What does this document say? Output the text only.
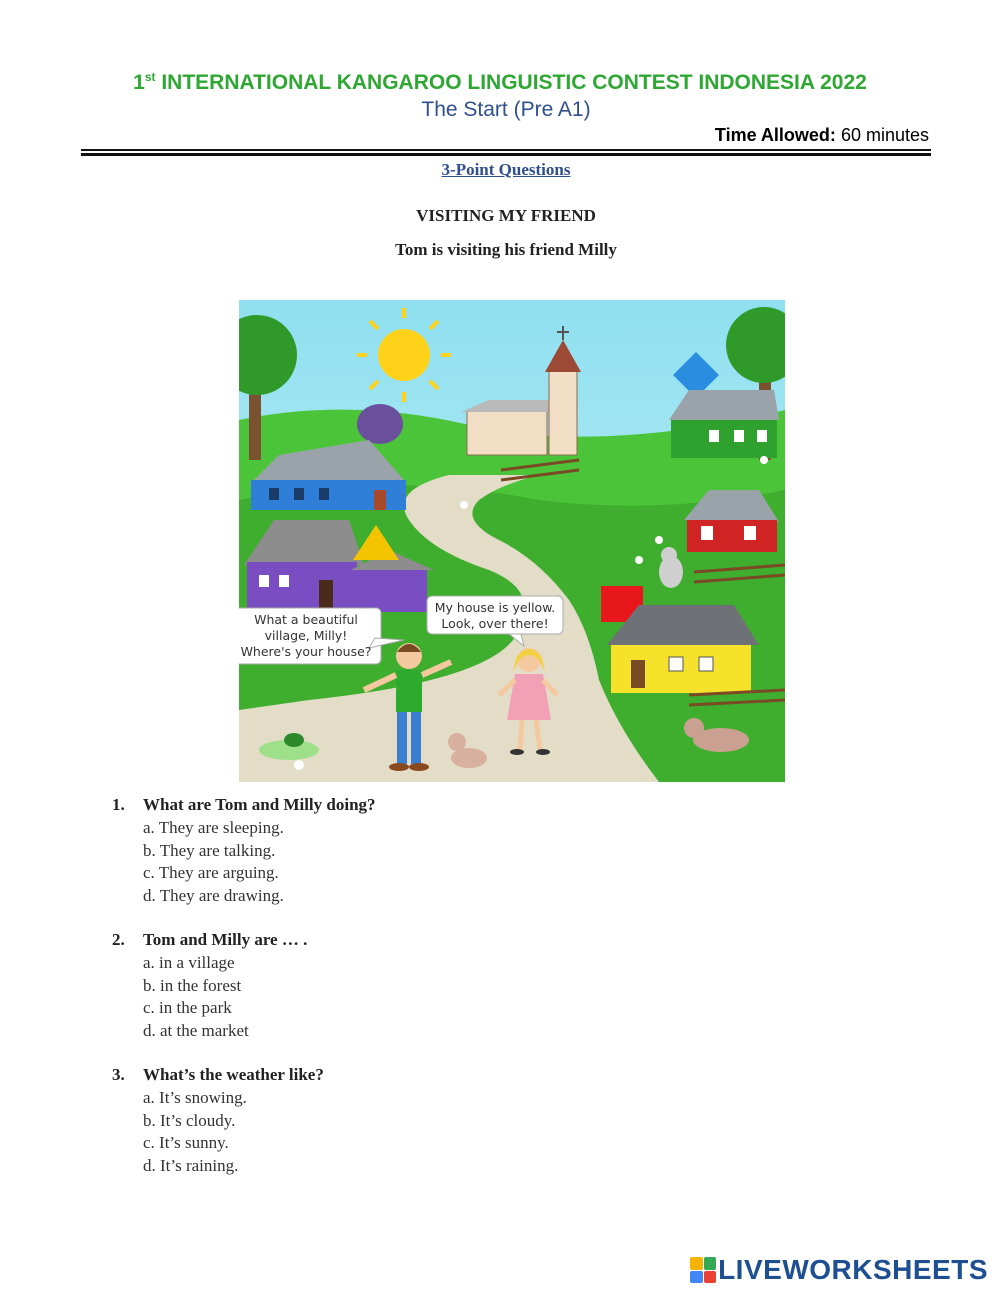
1st INTERNATIONAL KANGAROO LINGUISTIC CONTEST INDONESIA 2022
The Start (Pre A1)
Time Allowed: 60 minutes
3-Point Questions
VISITING MY FRIEND
Tom is visiting his friend Milly
What a beautiful
village, Milly!
Where's your house?
My house is yellow.
Look, over there!
1. What are Tom and Milly doing?
a. They are sleeping.
b. They are talking.
c. They are arguing.
d. They are drawing.
2. Tom and Milly are … .
a. in a village
b. in the forest
c. in the park
d. at the market
3. What’s the weather like?
a. It’s snowing.
b. It’s cloudy.
c. It’s sunny.
d. It’s raining.
LIVEWORKSHEETS
